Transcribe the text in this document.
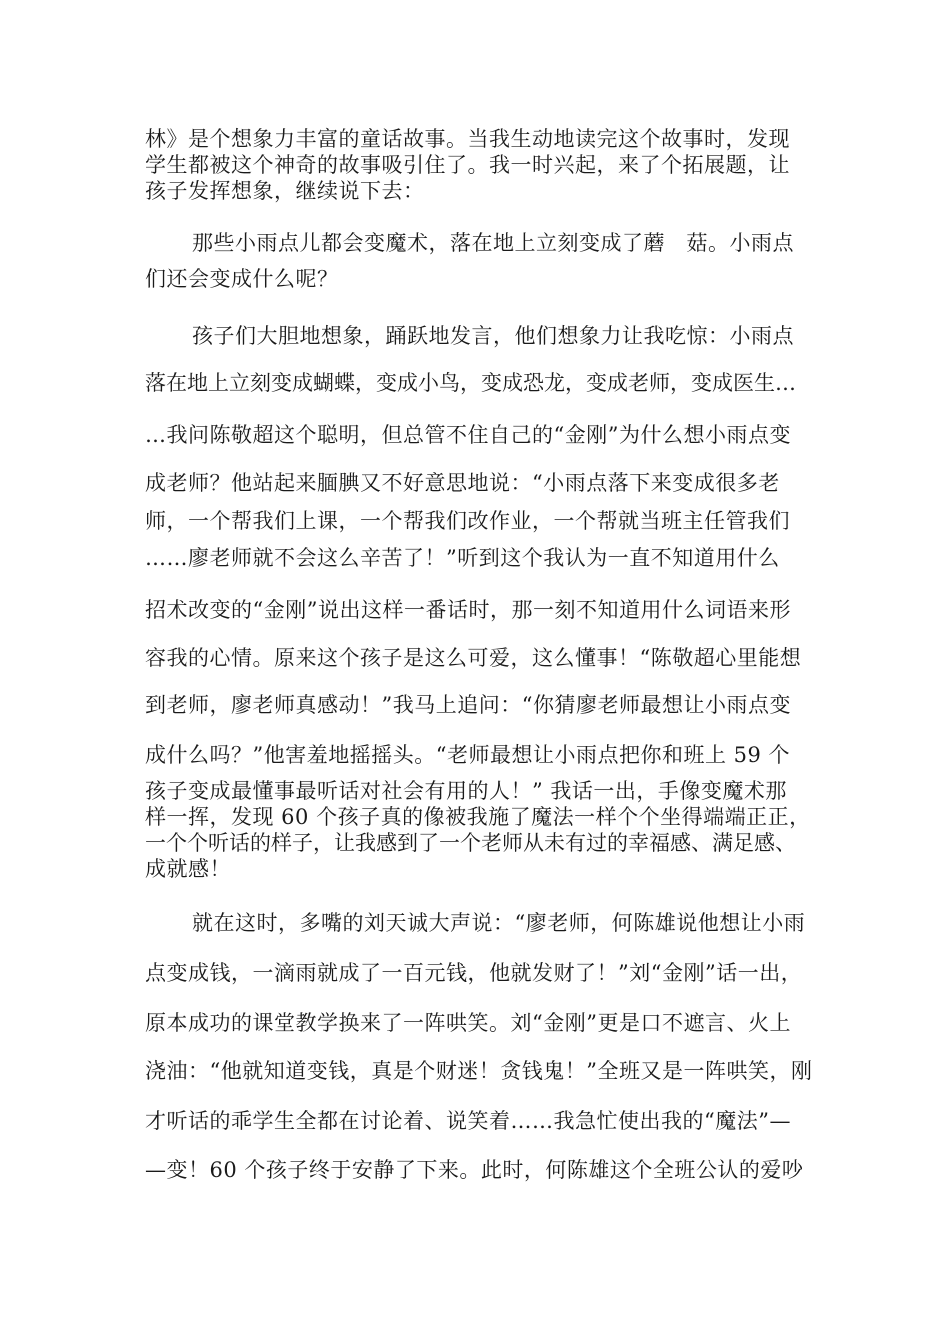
林》是个想象力丰富的童话故事。当我生动地读完这个故事时，发现
学生都被这个神奇的故事吸引住了。我一时兴起，来了个拓展题，让
孩子发挥想象，继续说下去：
那些小雨点儿都会变魔术，落在地上立刻变成了蘑　菇。小雨点
们还会变成什么呢？
孩子们大胆地想象，踊跃地发言，他们想象力让我吃惊：小雨点
落在地上立刻变成蝴蝶，变成小鸟，变成恐龙，变成老师，变成医生…
…我问陈敬超这个聪明，但总管不住自己的“金刚”为什么想小雨点变
成老师？他站起来腼腆又不好意思地说：“小雨点落下来变成很多老
师，一个帮我们上课，一个帮我们改作业，一个帮就当班主任管我们
……廖老师就不会这么辛苦了！”听到这个我认为一直不知道用什么
招术改变的“金刚”说出这样一番话时，那一刻不知道用什么词语来形
容我的心情。原来这个孩子是这么可爱，这么懂事！“陈敬超心里能想
到老师，廖老师真感动！”我马上追问：“你猜廖老师最想让小雨点变
成什么吗？”他害羞地摇摇头。“老师最想让小雨点把你和班上 59 个
孩子变成最懂事最听话对社会有用的人！” 我话一出，手像变魔术那
样一挥，发现 60 个孩子真的像被我施了魔法一样个个坐得端端正正，
一个个听话的样子，让我感到了一个老师从未有过的幸福感、满足感、
成就感！
就在这时，多嘴的刘天诚大声说：“廖老师，何陈雄说他想让小雨
点变成钱，一滴雨就成了一百元钱，他就发财了！”刘“金刚”话一出，
原本成功的课堂教学换来了一阵哄笑。刘“金刚”更是口不遮言、火上
浇油：“他就知道变钱，真是个财迷！贪钱鬼！”全班又是一阵哄笑，刚
才听话的乖学生全都在讨论着、说笑着……我急忙使出我的“魔法”—
—变！60 个孩子终于安静了下来。此时，何陈雄这个全班公认的爱吵
